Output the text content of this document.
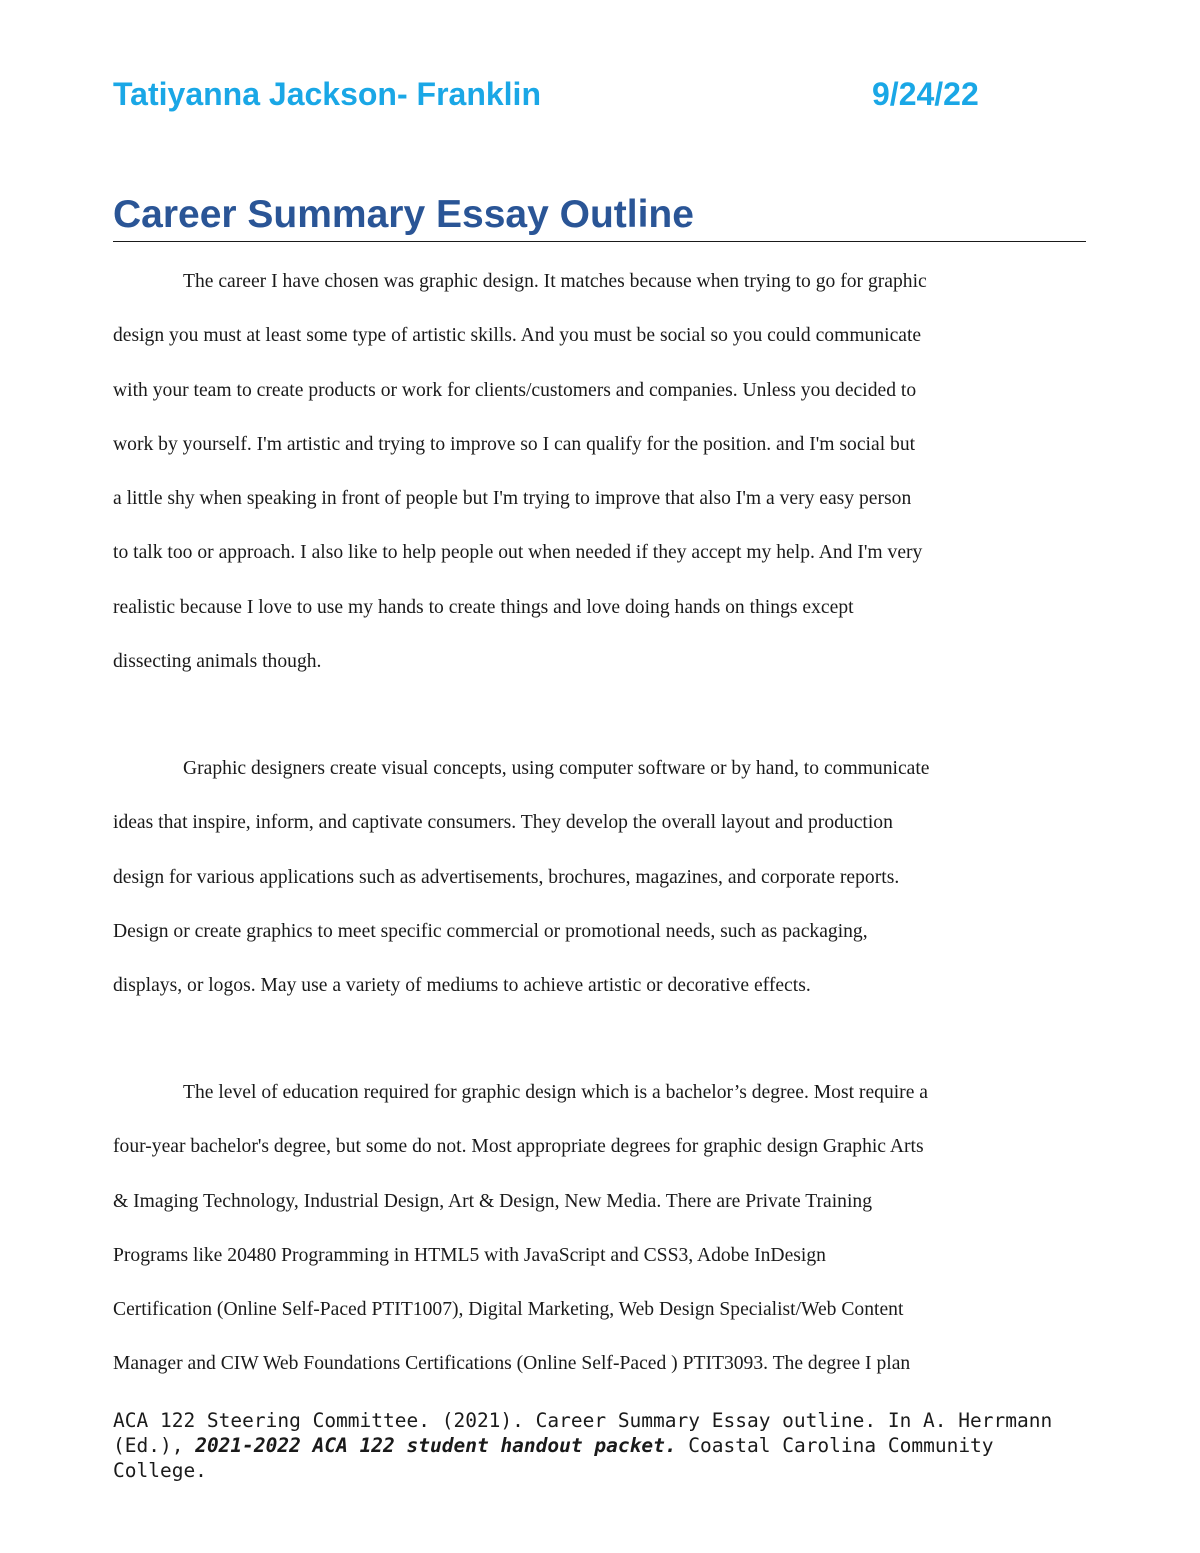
Tatiyanna Jackson- Franklin	9/24/22
Career Summary Essay Outline
The career I have chosen was graphic design. It matches because when trying to go for graphic
design you must at least some type of artistic skills. And you must be social so you could communicate
with your team to create products or work for clients/customers and companies. Unless you decided to
work by yourself. I'm artistic and trying to improve so I can qualify for the position. and I'm social but
a little shy when speaking in front of people but I'm trying to improve that also I'm a very easy person
to talk too or approach. I also like to help people out when needed if they accept my help. And I'm very
realistic because I love to use my hands to create things and love doing hands on things except
dissecting animals though.
Graphic designers create visual concepts, using computer software or by hand, to communicate
ideas that inspire, inform, and captivate consumers. They develop the overall layout and production
design for various applications such as advertisements, brochures, magazines, and corporate reports.
Design or create graphics to meet specific commercial or promotional needs, such as packaging,
displays, or logos. May use a variety of mediums to achieve artistic or decorative effects.
The level of education required for graphic design which is a bachelor’s degree. Most require a
four-year bachelor's degree, but some do not. Most appropriate degrees for graphic design Graphic Arts
& Imaging Technology, Industrial Design, Art & Design, New Media. There are Private Training
Programs like 20480 Programming in HTML5 with JavaScript and CSS3, Adobe InDesign
Certification (Online Self-Paced PTIT1007), Digital Marketing, Web Design Specialist/Web Content
Manager and CIW Web Foundations Certifications (Online Self-Paced ) PTIT3093. The degree I plan

ACA 122 Steering Committee. (2021). Career Summary Essay outline. In A. Herrmann (Ed.), 2021-2022 ACA 122 student handout packet. Coastal Carolina Community College.
